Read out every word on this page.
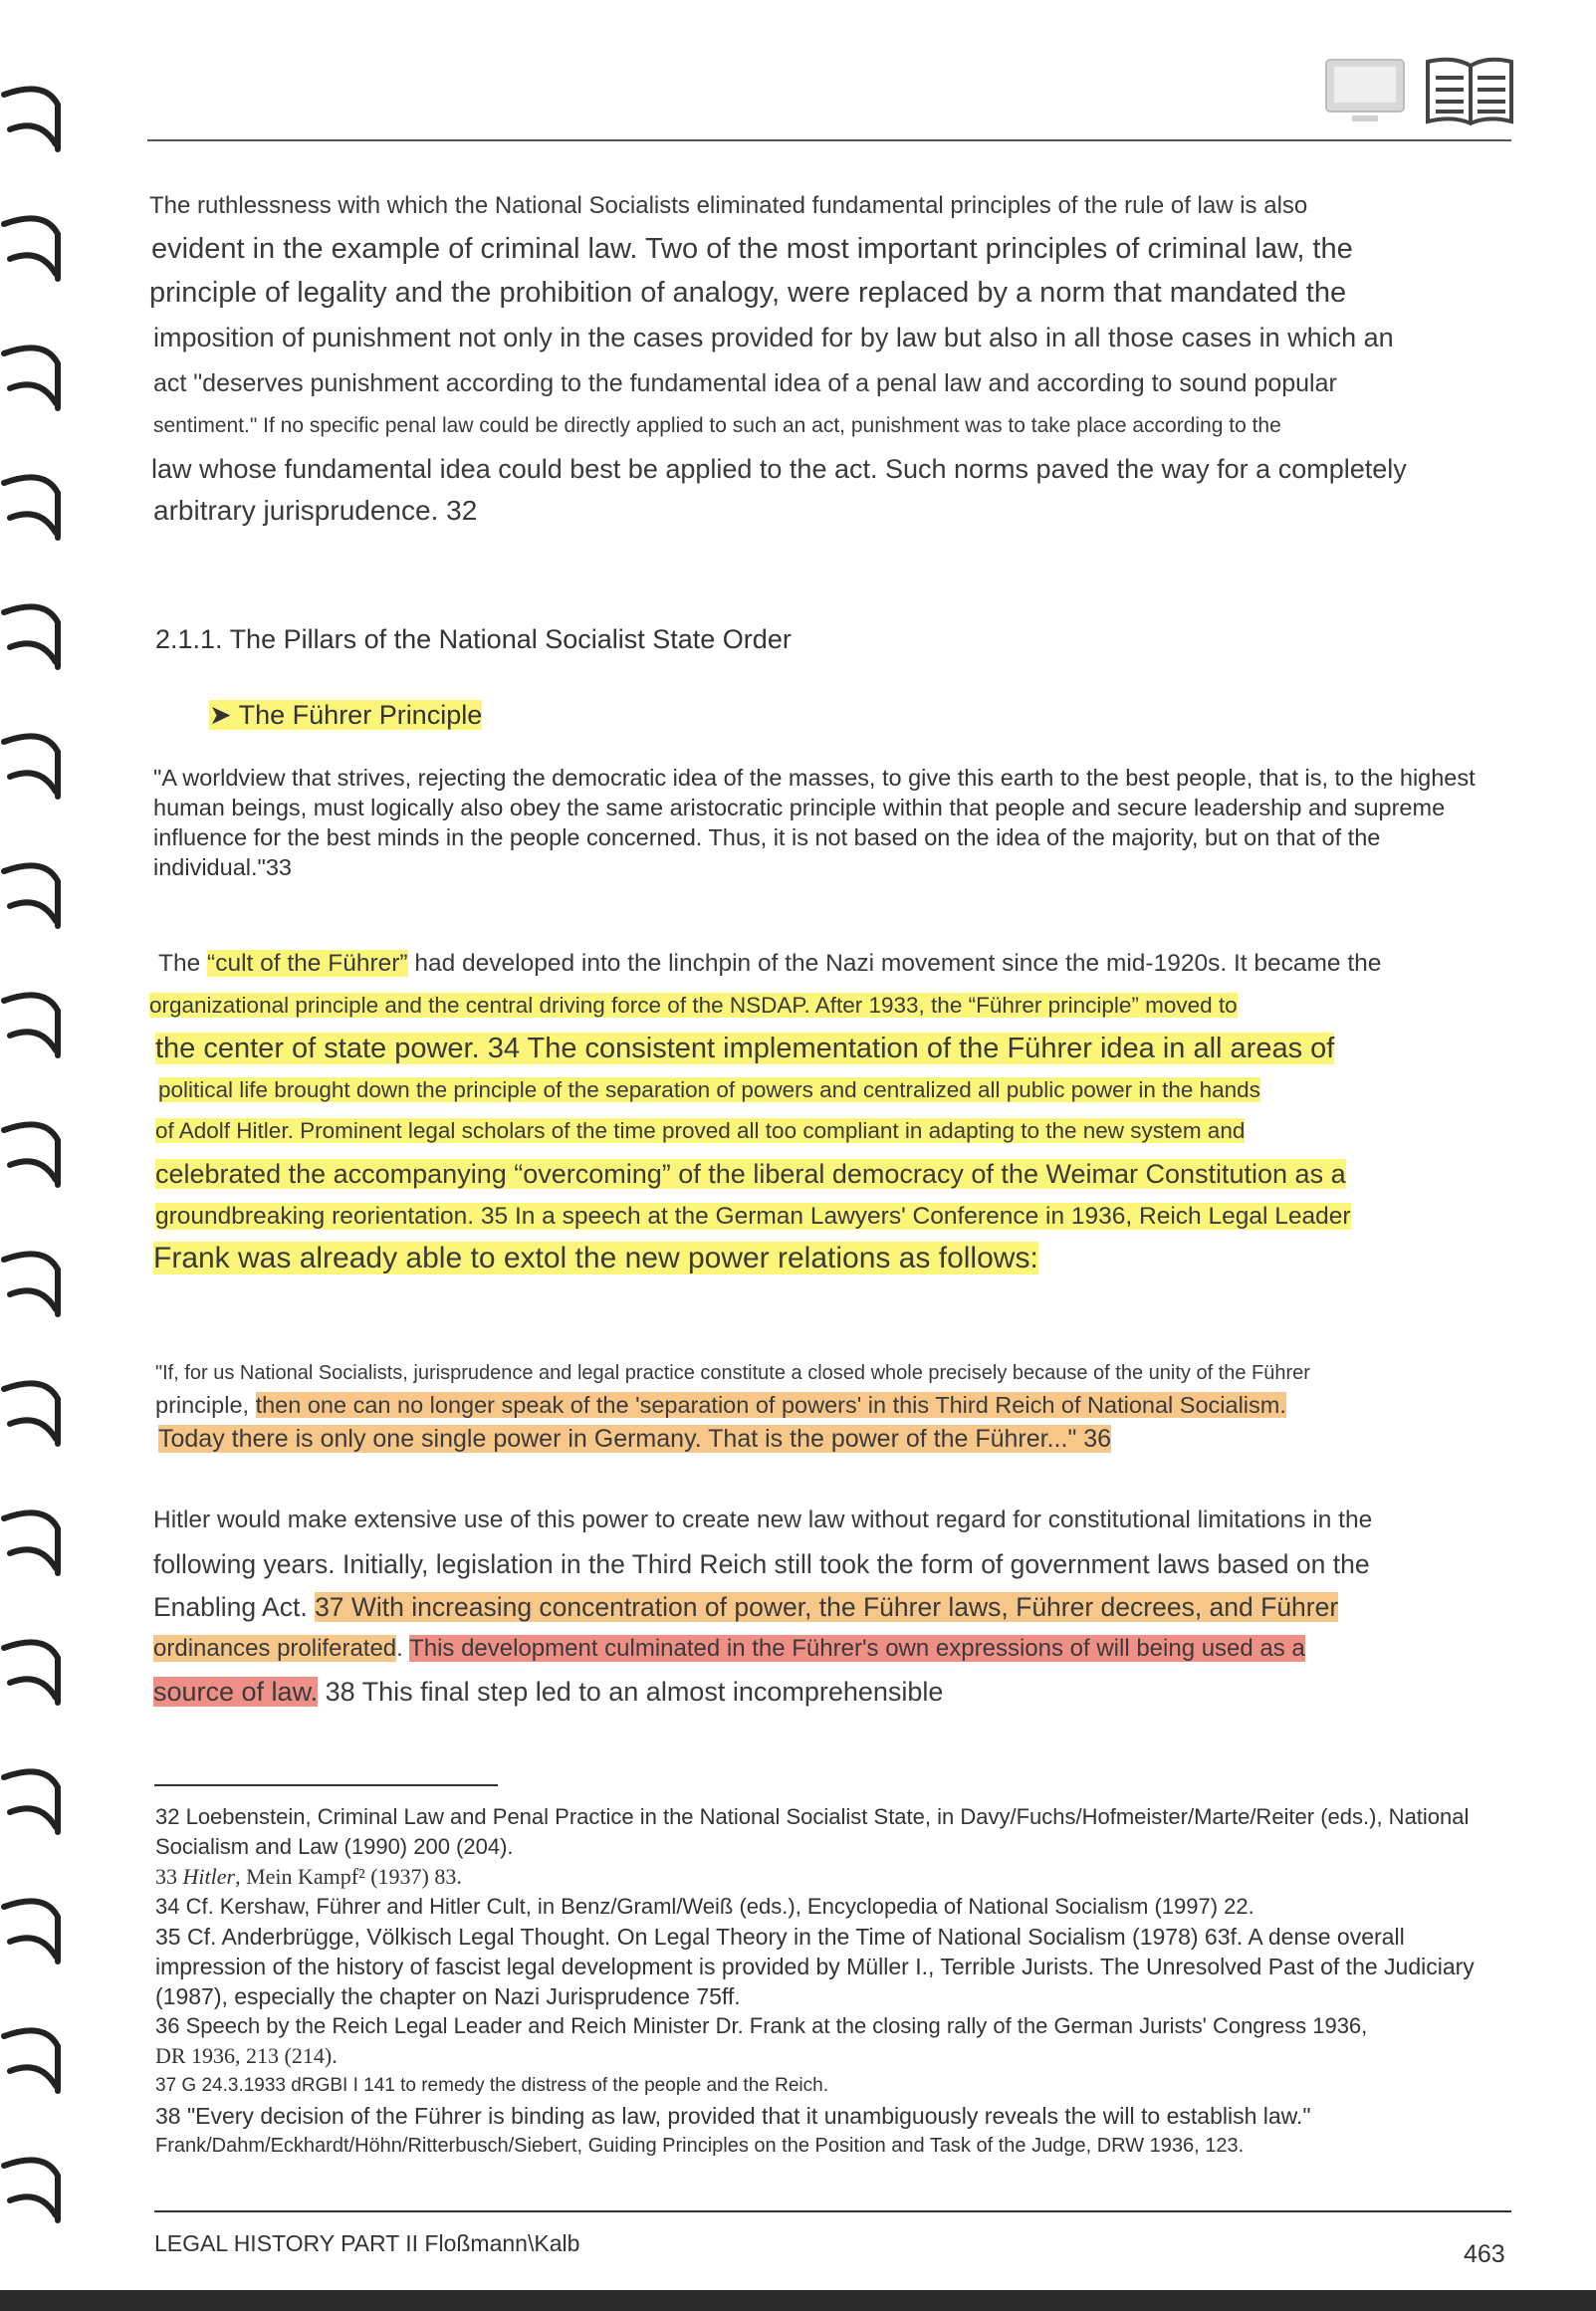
The ruthlessness with which the National Socialists eliminated fundamental principles of the rule of law is also
evident in the example of criminal law. Two of the most important principles of criminal law, the
principle of legality and the prohibition of analogy, were replaced by a norm that mandated the
imposition of punishment not only in the cases provided for by law but also in all those cases in which an
act "deserves punishment according to the fundamental idea of a penal law and according to sound popular
sentiment." If no specific penal law could be directly applied to such an act, punishment was to take place according to the
law whose fundamental idea could best be applied to the act. Such norms paved the way for a completely
arbitrary jurisprudence. 32
2.1.1. The Pillars of the National Socialist State Order
➤ The Führer Principle
"A worldview that strives, rejecting the democratic idea of the masses, to give this earth to the best people, that is, to the highest human beings, must logically also obey the same aristocratic principle within that people and secure leadership and supreme influence for the best minds in the people concerned. Thus, it is not based on the idea of the majority, but on that of the individual."33
The “cult of the Führer” had developed into the linchpin of the Nazi movement since the mid-1920s. It became the
organizational principle and the central driving force of the NSDAP. After 1933, the “Führer principle” moved to
the center of state power. 34 The consistent implementation of the Führer idea in all areas of
political life brought down the principle of the separation of powers and centralized all public power in the hands
of Adolf Hitler. Prominent legal scholars of the time proved all too compliant in adapting to the new system and
celebrated the accompanying “overcoming” of the liberal democracy of the Weimar Constitution as a
groundbreaking reorientation. 35 In a speech at the German Lawyers' Conference in 1936, Reich Legal Leader
Frank was already able to extol the new power relations as follows:
"If, for us National Socialists, jurisprudence and legal practice constitute a closed whole precisely because of the unity of the Führer
principle, then one can no longer speak of the 'separation of powers' in this Third Reich of National Socialism.
Today there is only one single power in Germany. That is the power of the Führer..." 36
Hitler would make extensive use of this power to create new law without regard for constitutional limitations in the
following years. Initially, legislation in the Third Reich still took the form of government laws based on the
Enabling Act. 37 With increasing concentration of power, the Führer laws, Führer decrees, and Führer
ordinances proliferated. This development culminated in the Führer's own expressions of will being used as a
source of law. 38 This final step led to an almost incomprehensible
32 Loebenstein, Criminal Law and Penal Practice in the National Socialist State, in Davy/Fuchs/Hofmeister/Marte/Reiter (eds.), National Socialism and Law (1990) 200 (204).
33 Hitler, Mein Kampf² (1937) 83.
34 Cf. Kershaw, Führer and Hitler Cult, in Benz/Graml/Weiß (eds.), Encyclopedia of National Socialism (1997) 22.
35 Cf. Anderbrügge, Völkisch Legal Thought. On Legal Theory in the Time of National Socialism (1978) 63f. A dense overall impression of the history of fascist legal development is provided by Müller I., Terrible Jurists. The Unresolved Past of the Judiciary (1987), especially the chapter on Nazi Jurisprudence 75ff.
36 Speech by the Reich Legal Leader and Reich Minister Dr. Frank at the closing rally of the German Jurists' Congress 1936,
DR 1936, 213 (214).
37 G 24.3.1933 dRGBI I 141 to remedy the distress of the people and the Reich.
38 "Every decision of the Führer is binding as law, provided that it unambiguously reveals the will to establish law."
Frank/Dahm/Eckhardt/Höhn/Ritterbusch/Siebert, Guiding Principles on the Position and Task of the Judge, DRW 1936, 123.
LEGAL HISTORY PART II Floßmann\Kalb	463
